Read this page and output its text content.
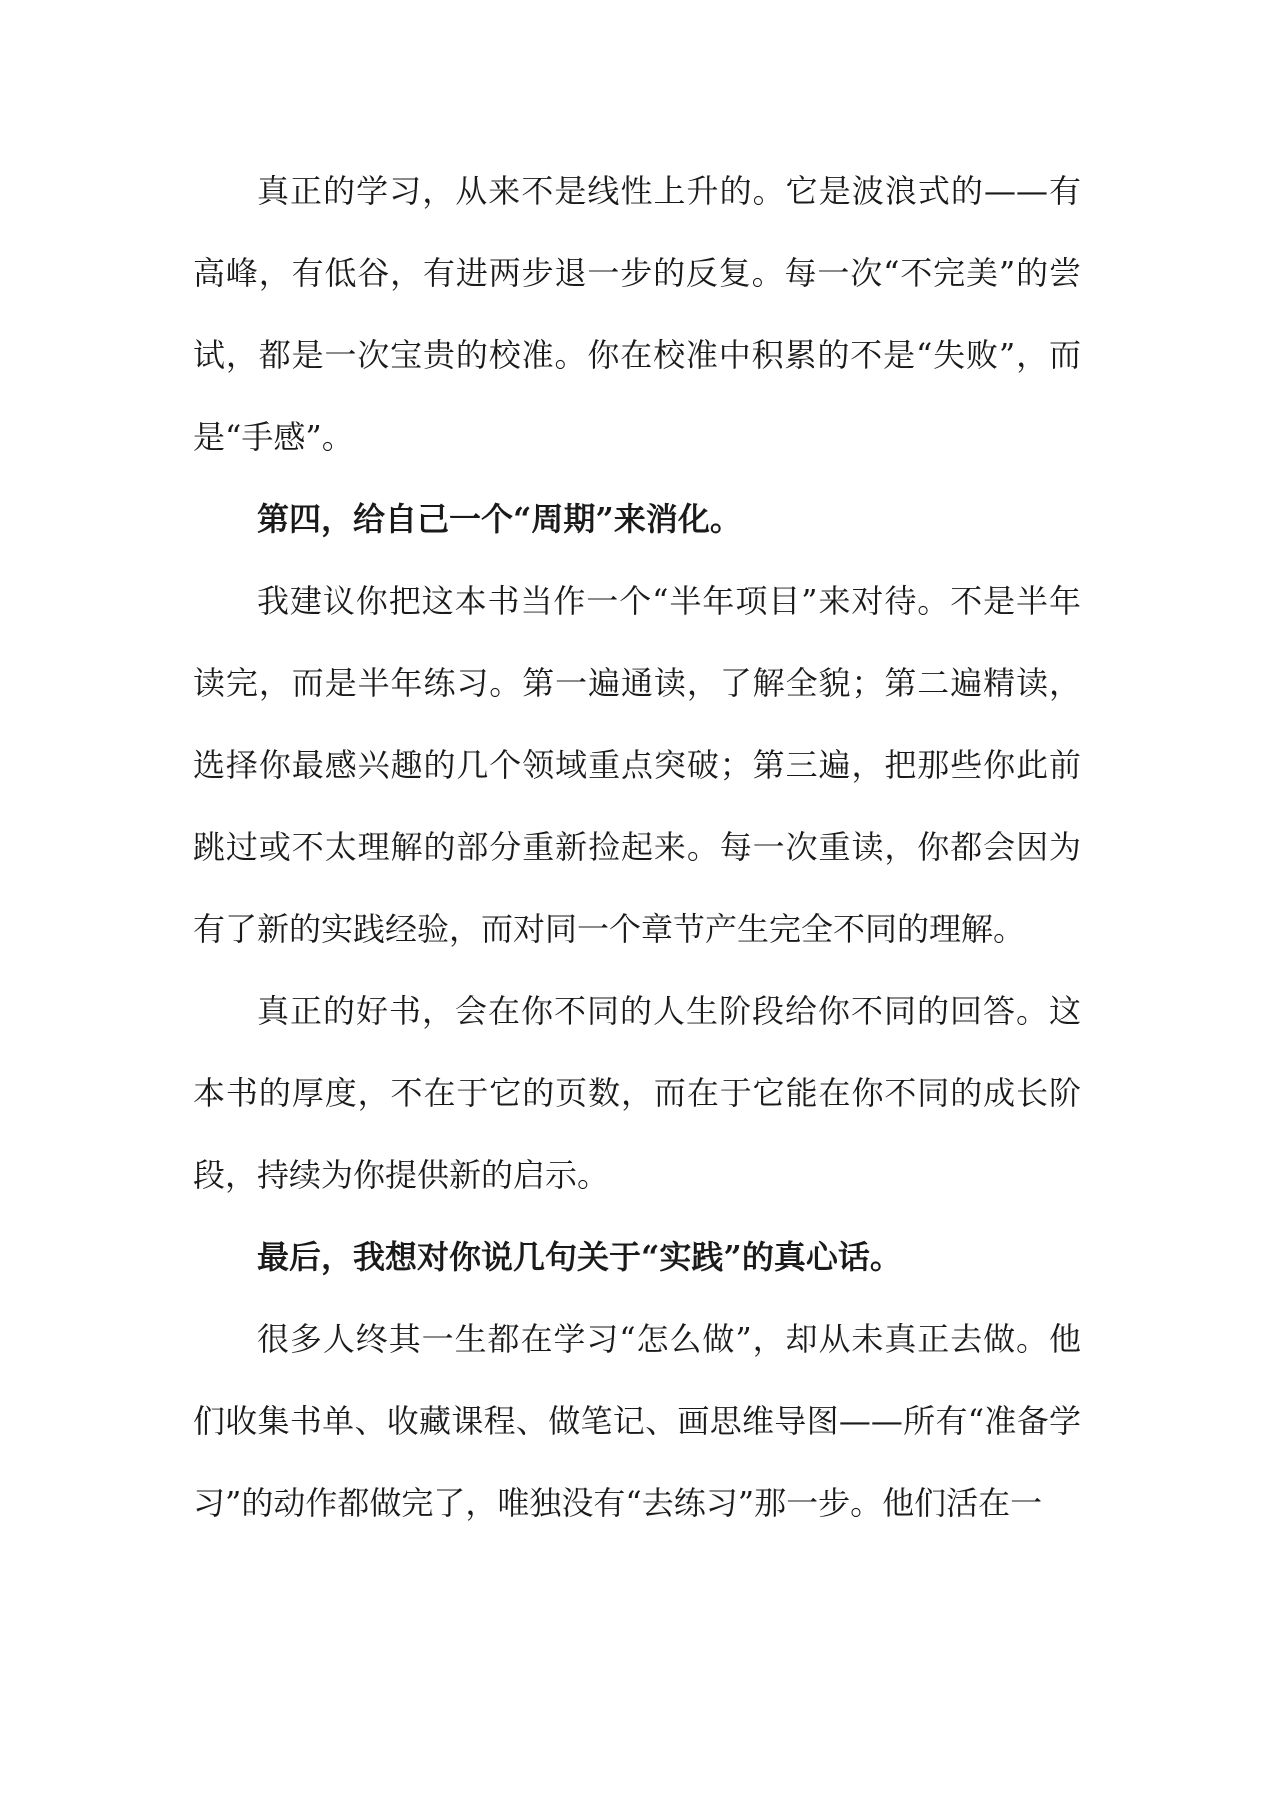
真正的学习，从来不是线性上升的。它是波浪式的——有高峰，有低谷，有进两步退一步的反复。每一次“不完美”的尝试，都是一次宝贵的校准。你在校准中积累的不是“失败”，而是“手感”。

第四，给自己一个“周期”来消化。

我建议你把这本书当作一个“半年项目”来对待。不是半年读完，而是半年练习。第一遍通读，了解全貌；第二遍精读，选择你最感兴趣的几个领域重点突破；第三遍，把那些你此前跳过或不太理解的部分重新捡起来。每一次重读，你都会因为有了新的实践经验，而对同一个章节产生完全不同的理解。

真正的好书，会在你不同的人生阶段给你不同的回答。这本书的厚度，不在于它的页数，而在于它能在你不同的成长阶段，持续为你提供新的启示。

最后，我想对你说几句关于“实践”的真心话。

很多人终其一生都在学习“怎么做”，却从未真正去做。他们收集书单、收藏课程、做笔记、画思维导图——所有“准备学习”的动作都做完了，唯独没有“去练习”那一步。他们活在一
